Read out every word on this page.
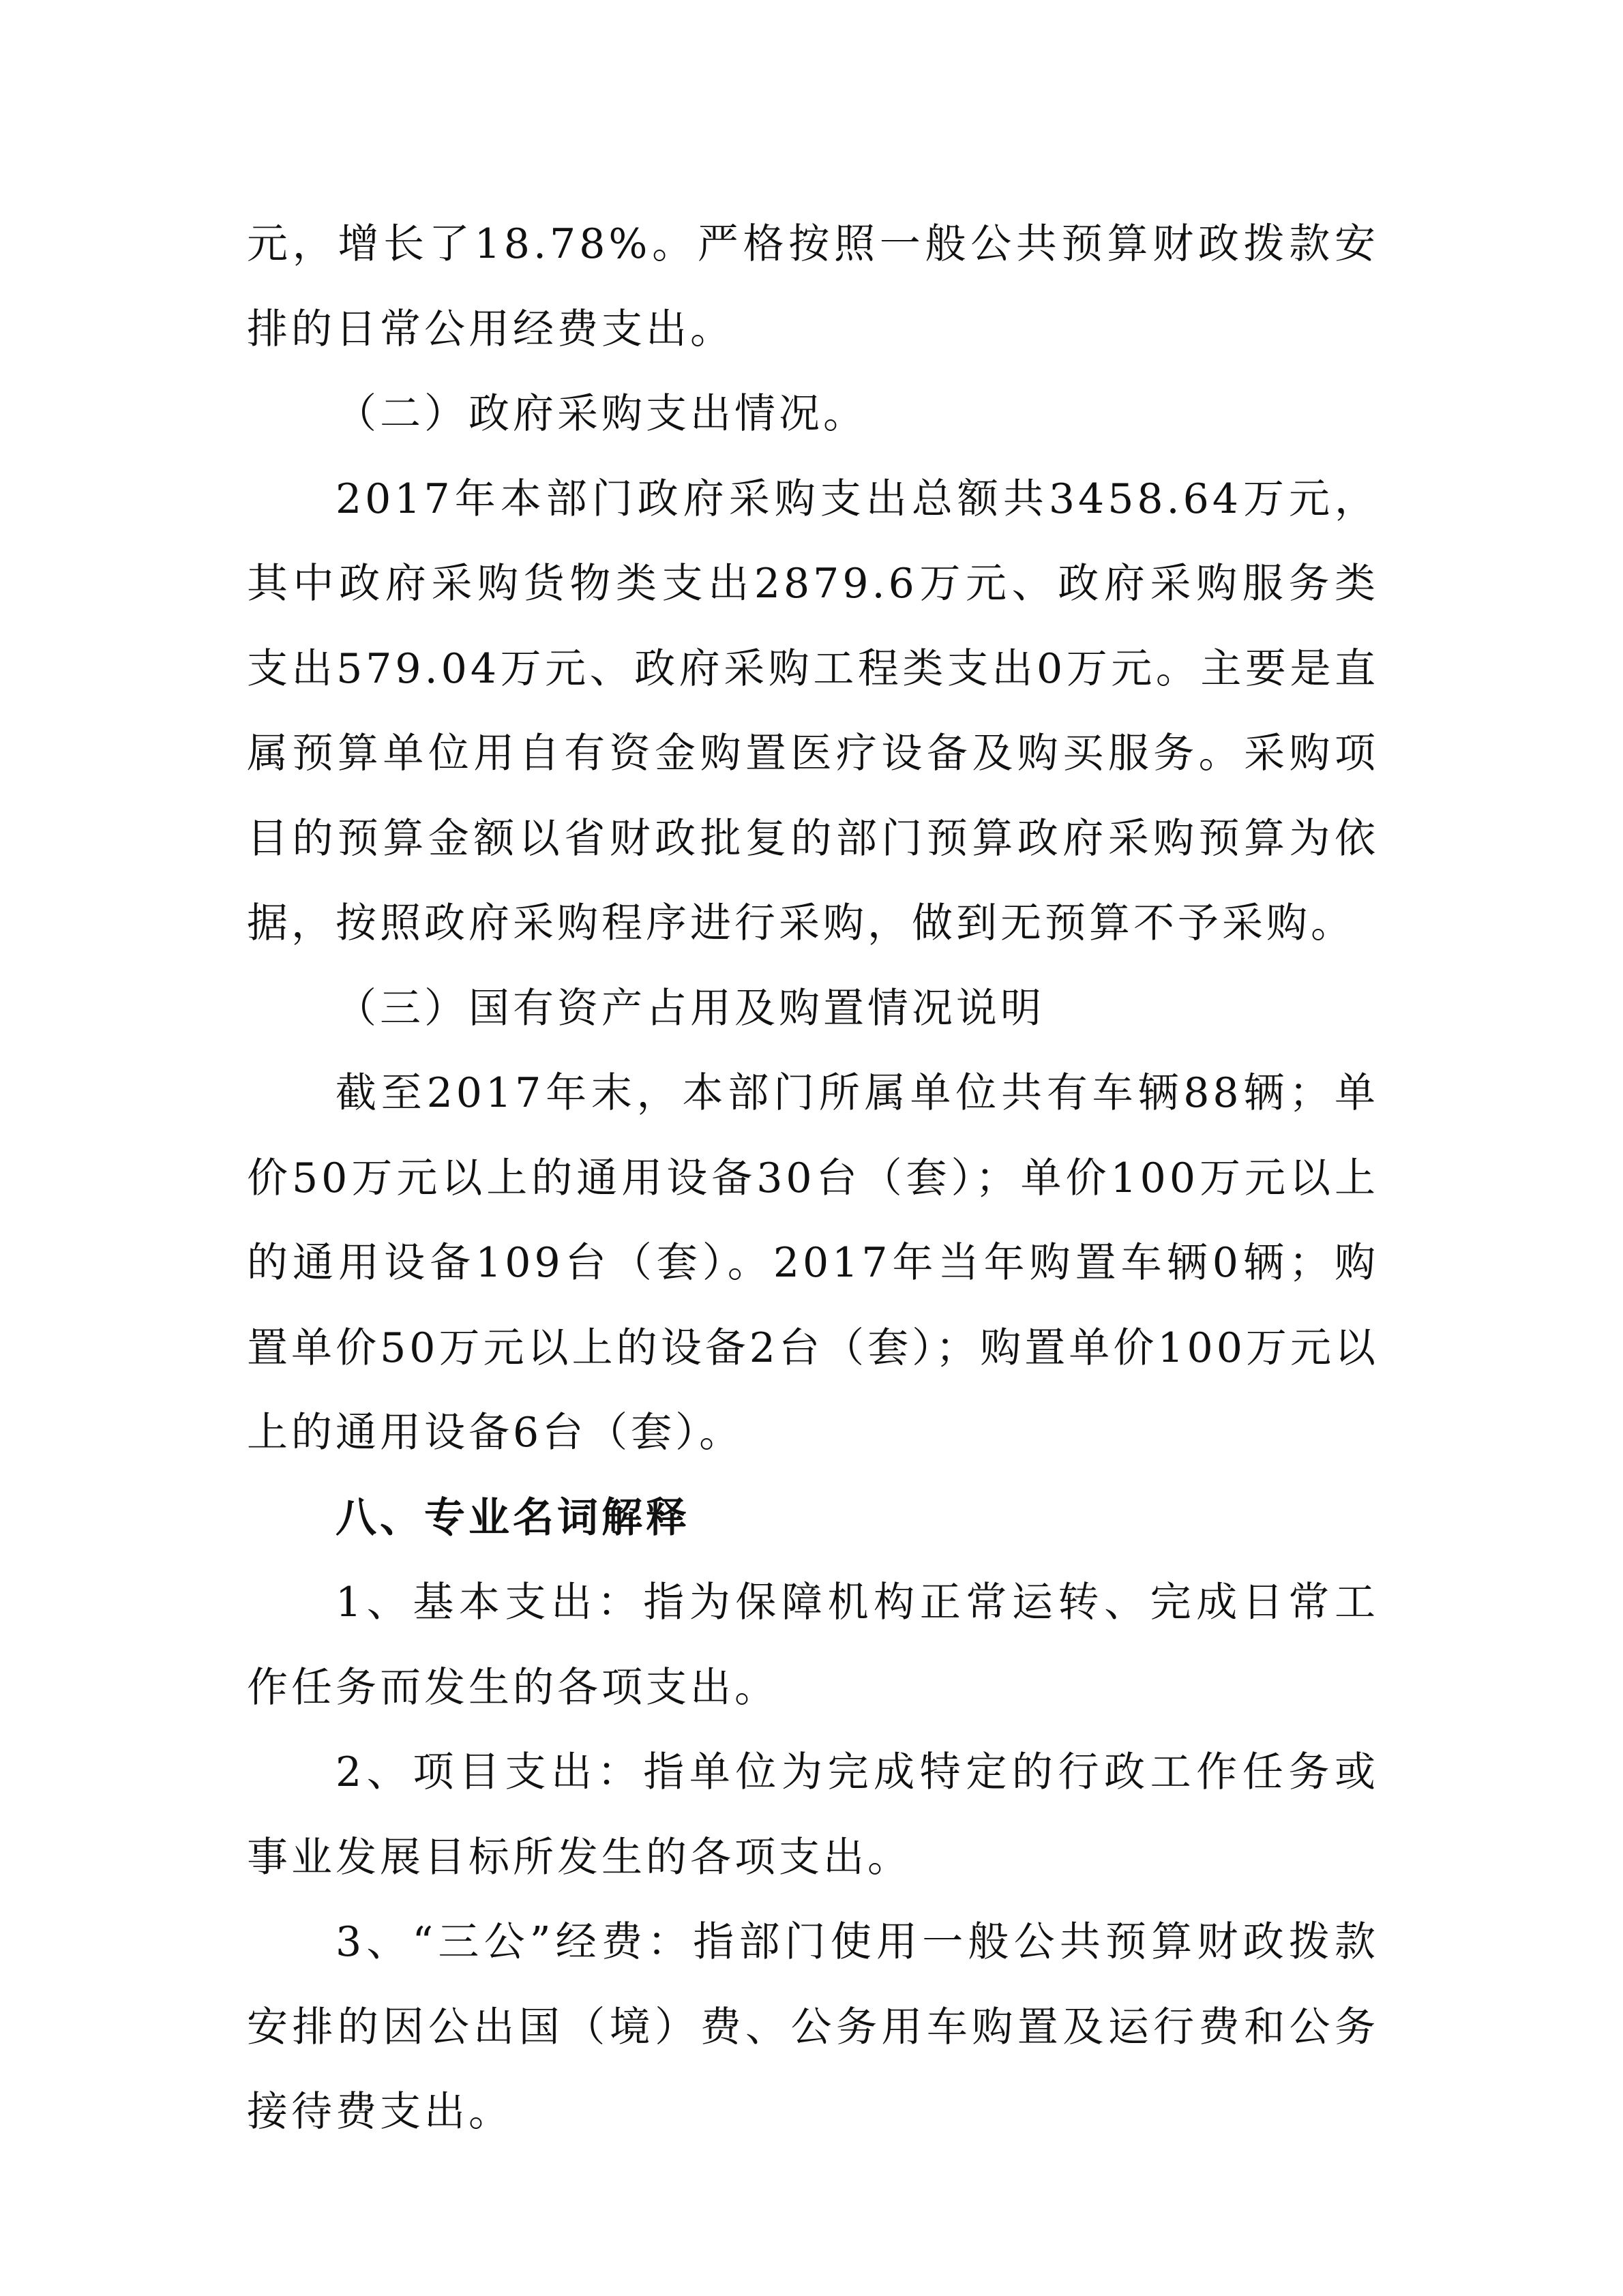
元，增长了18.78%。严格按照一般公共预算财政拨款安排的日常公用经费支出。

（二）政府采购支出情况。

2017年本部门政府采购支出总额共3458.64万元，其中政府采购货物类支出2879.6万元、政府采购服务类支出579.04万元、政府采购工程类支出0万元。主要是直属预算单位用自有资金购置医疗设备及购买服务。采购项目的预算金额以省财政批复的部门预算政府采购预算为依据，按照政府采购程序进行采购，做到无预算不予采购。

（三）国有资产占用及购置情况说明

截至2017年末，本部门所属单位共有车辆88辆；单价50万元以上的通用设备30台（套）；单价100万元以上的通用设备109台（套）。2017年当年购置车辆0辆；购置单价50万元以上的设备2台（套）；购置单价100万元以上的通用设备6台（套）。

八、专业名词解释

1、基本支出：指为保障机构正常运转、完成日常工作任务而发生的各项支出。

2、项目支出：指单位为完成特定的行政工作任务或事业发展目标所发生的各项支出。

3、“三公”经费：指部门使用一般公共预算财政拨款安排的因公出国（境）费、公务用车购置及运行费和公务接待费支出。
